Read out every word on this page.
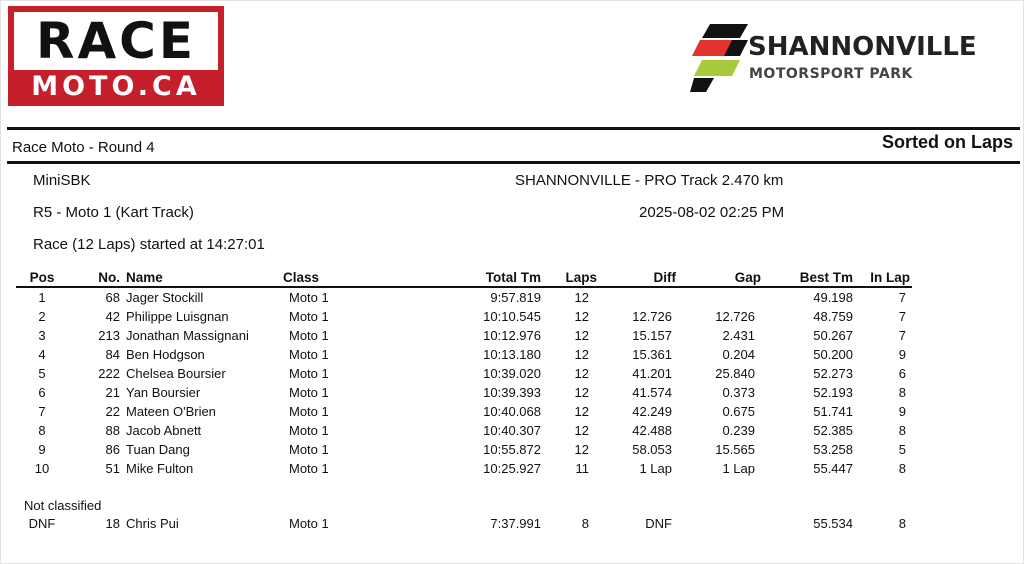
RACE
MOTO.CA
SHANNONVILLE
MOTORSPORT PARK
Race Moto - Round 4	Sorted on Laps
MiniSBK	SHANNONVILLE - PRO Track 2.470 km
R5 - Moto 1 (Kart Track)	2025-08-02 02:25 PM
Race (12 Laps) started at 14:27:01
Pos	No.	Name	Class	Total Tm	Laps	Diff	Gap	Best Tm	In Lap
1	68	Jager Stockill	Moto 1	9:57.819	12			49.198	7
2	42	Philippe Luisgnan	Moto 1	10:10.545	12	12.726	12.726	48.759	7
3	213	Jonathan Massignani	Moto 1	10:12.976	12	15.157	2.431	50.267	7
4	84	Ben Hodgson	Moto 1	10:13.180	12	15.361	0.204	50.200	9
5	222	Chelsea Boursier	Moto 1	10:39.020	12	41.201	25.840	52.273	6
6	21	Yan Boursier	Moto 1	10:39.393	12	41.574	0.373	52.193	8
7	22	Mateen O'Brien	Moto 1	10:40.068	12	42.249	0.675	51.741	9
8	88	Jacob Abnett	Moto 1	10:40.307	12	42.488	0.239	52.385	8
9	86	Tuan Dang	Moto 1	10:55.872	12	58.053	15.565	53.258	5
10	51	Mike Fulton	Moto 1	10:25.927	11	1 Lap	1 Lap	55.447	8
Not classified
DNF	18	Chris Pui	Moto 1	7:37.991	8	DNF		55.534	8
